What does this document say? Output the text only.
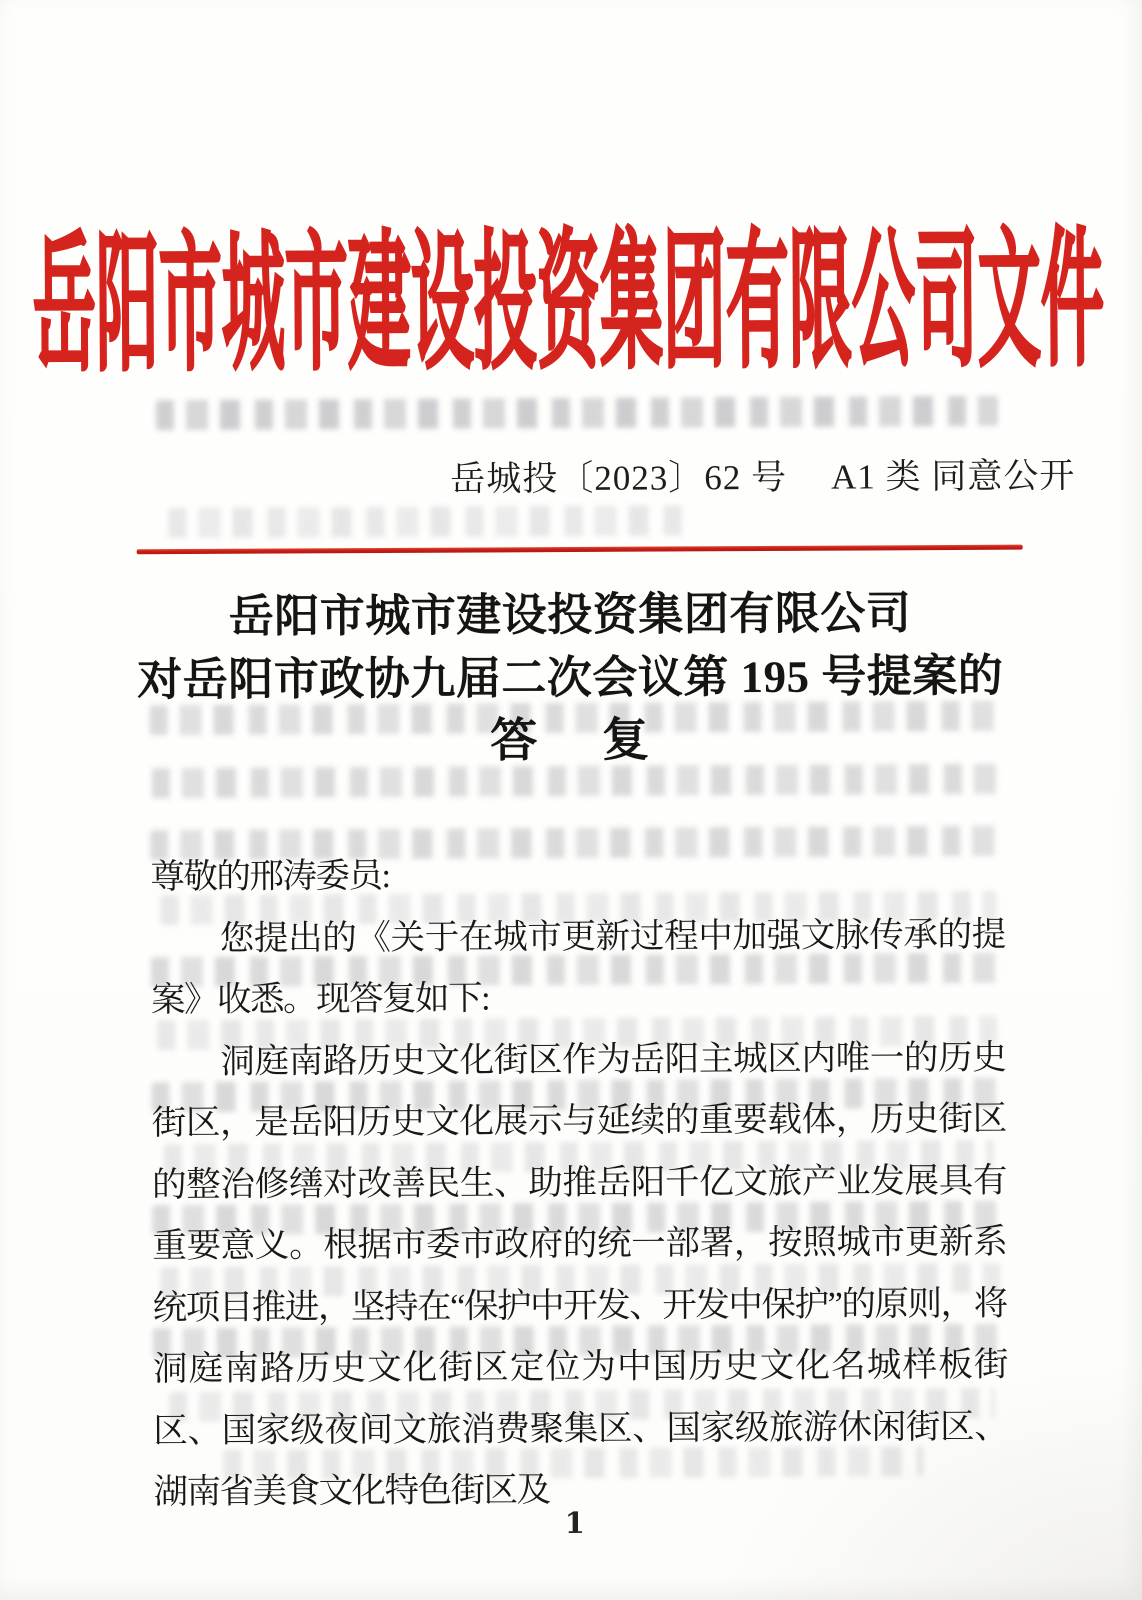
岳阳市城市建设投资集团有限公司文件
岳城投〔2023〕62 号 A1 类 同意公开
岳阳市城市建设投资集团有限公司
对岳阳市政协九届二次会议第 195 号提案的
答 　复

尊敬的邢涛委员:

您提出的《关于在城市更新过程中加强文脉传承的提案》收悉。现答复如下:

洞庭南路历史文化街区作为岳阳主城区内唯一的历史街区，是岳阳历史文化展示与延续的重要载体，历史街区的整治修缮对改善民生、助推岳阳千亿文旅产业发展具有重要意义。根据市委市政府的统一部署，按照城市更新系统项目推进，坚持在“保护中开发、开发中保护”的原则，将洞庭南路历史文化街区定位为中国历史文化名城样板街区、国家级夜间文旅消费聚集区、国家级旅游休闲街区、湖南省美食文化特色街区及

1
